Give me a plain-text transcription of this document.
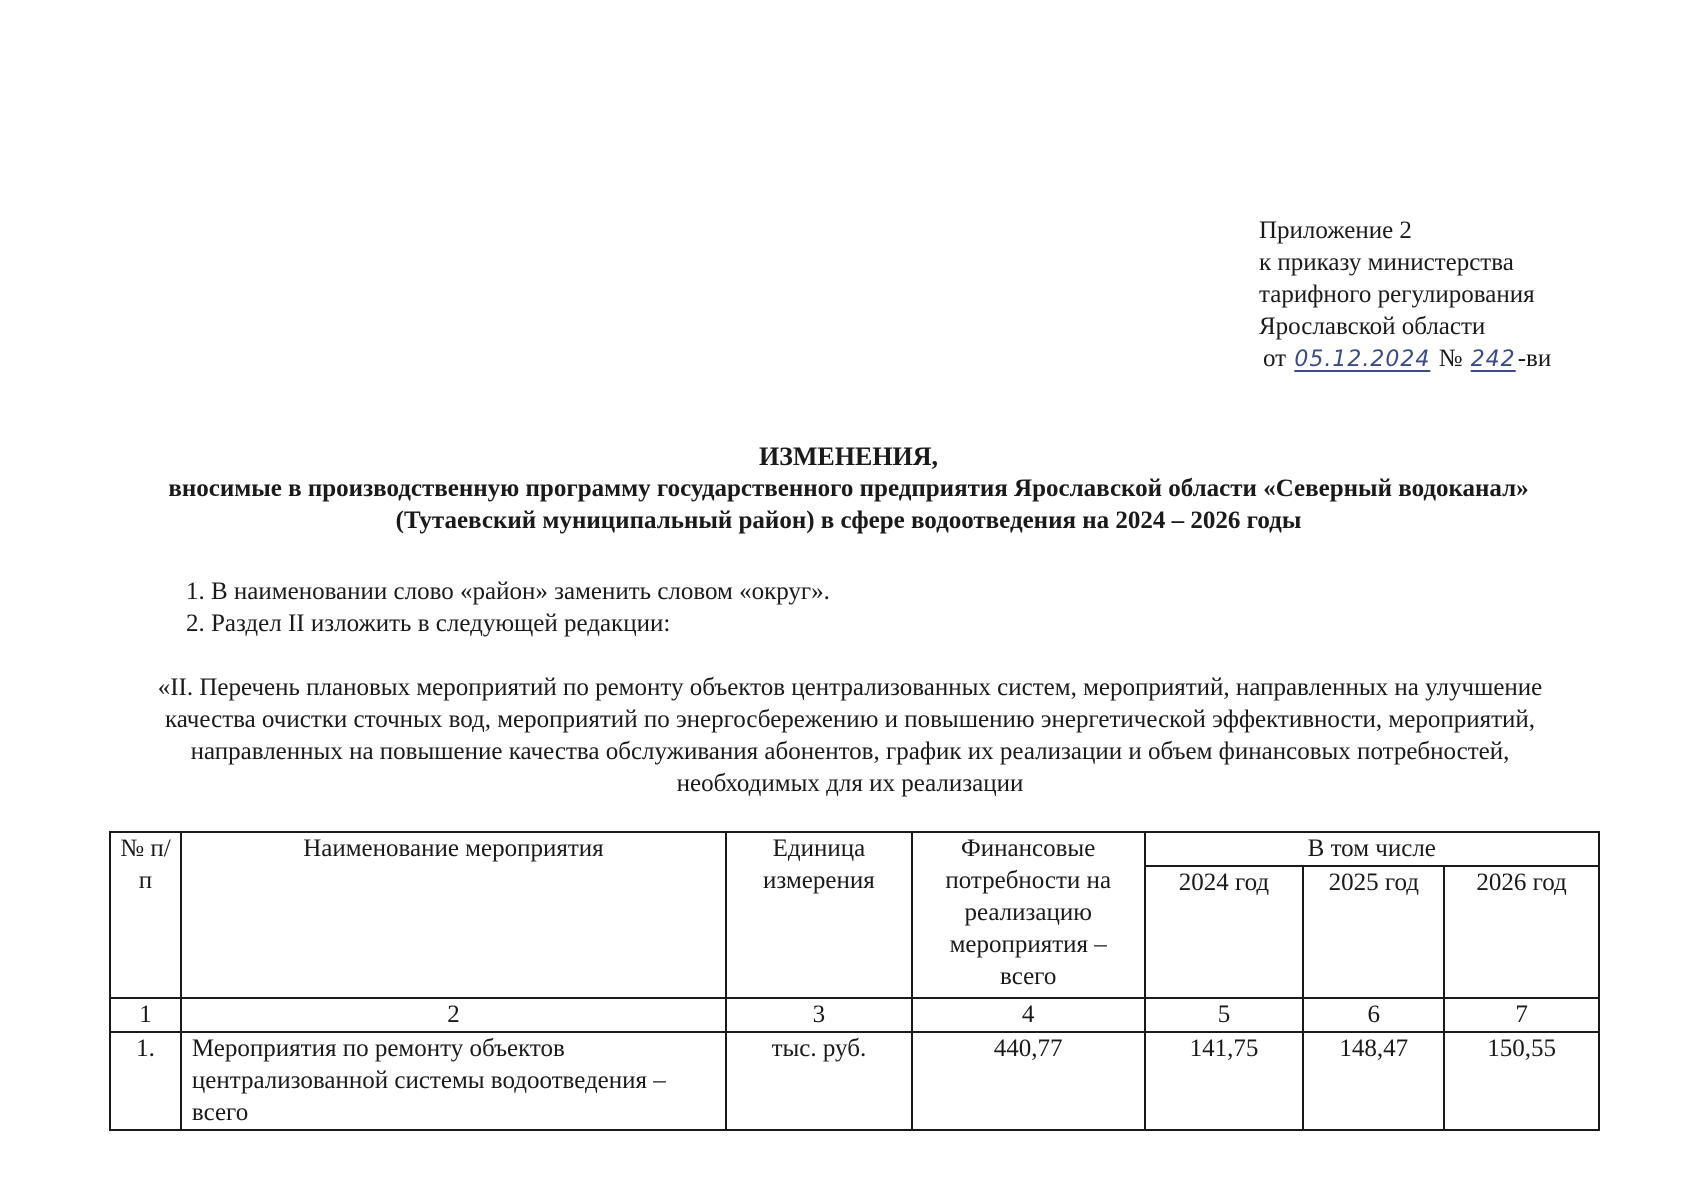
Приложение 2
к приказу министерства
тарифного регулирования
Ярославской области
от 05.12.2024 № 242-ви
ИЗМЕНЕНИЯ,
вносимые в производственную программу государственного предприятия Ярославской области «Северный водоканал» (Тутаевский муниципальный район) в сфере водоотведения на 2024 – 2026 годы
1. В наименовании слово «район» заменить словом «округ».
2. Раздел II изложить в следующей редакции:
«II. Перечень плановых мероприятий по ремонту объектов централизованных систем, мероприятий, направленных на улучшение качества очистки сточных вод, мероприятий по энергосбережению и повышению энергетической эффективности, мероприятий, направленных на повышение качества обслуживания абонентов, график их реализации и объем финансовых потребностей, необходимых для их реализации
№ п/п	Наименование мероприятия	Единица измерения	Финансовые потребности на реализацию мероприятия – всего	В том числе		
				2024 год	2025 год	2026 год
1	2	3	4	5	6	7
1.	Мероприятия по ремонту объектов централизованной системы водоотведения – всего	тыс. руб.	440,77	141,75	148,47	150,55
